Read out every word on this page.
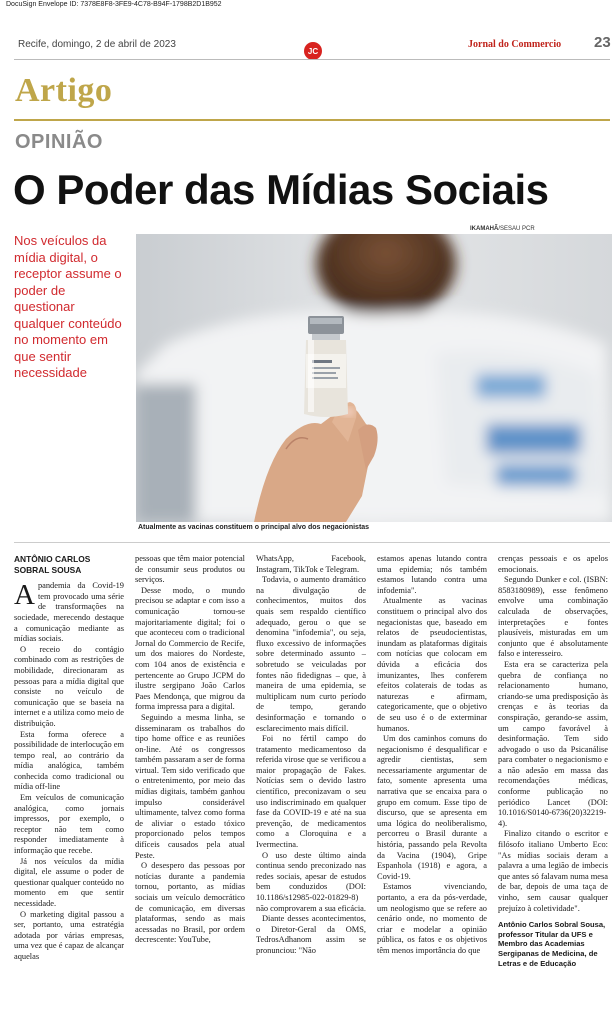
DocuSign Envelope ID: 7378E8F8-3FE9-4C78-B94F-1798B2D1B952
Recife, domingo, 2 de abril de 2023
JC
Jornal do Commercio 23
Artigo
OPINIÃO
O Poder das Mídias Sociais
IKAMAHÃ/SESAU PCR
Nos veículos da mídia digital, o receptor assume o poder de questionar qualquer conteúdo no momento em que sentir necessidade
Atualmente as vacinas constituem o principal alvo dos negacionistas
ANTÔNIO CARLOS SOBRAL SOUSA

Apandemia da Covid-19 tem provocado uma série de transformações na sociedade, merecendo destaque a comunicação mediante as mídias sociais.

O receio do contágio combinado com as restrições de mobilidade, direcionaram as pessoas para a mídia digital que consiste no veículo de comunicação que se baseia na internet e a utiliza como meio de distribuição.

Esta forma oferece a possibilidade de interlocução em tempo real, ao contrário da mídia analógica, também conhecida como tradicional ou mídia off-line

Em veículos de comunicação analógica, como jornais impressos, por exemplo, o receptor não tem como responder imediatamente à informação que recebe.

Já nos veículos da mídia digital, ele assume o poder de questionar qualquer conteúdo no momento em que sentir necessidade.

O marketing digital passou a ser, portanto, uma estratégia adotada por várias empresas, uma vez que é capaz de alcançar aquelas

pessoas que têm maior potencial de consumir seus produtos ou serviços.

Desse modo, o mundo precisou se adaptar e com isso a comunicação tornou-se majoritariamente digital; foi o que aconteceu com o tradicional Jornal do Commercio de Recife, um dos maiores do Nordeste, com 104 anos de existência e pertencente ao Grupo JCPM do ilustre sergipano João Carlos Paes Mendonça, que migrou da forma impressa para a digital.

Seguindo a mesma linha, se disseminaram os trabalhos do tipo home office e as reuniões on-line. Até os congressos também passaram a ser de forma virtual. Tem sido verificado que o entretenimento, por meio das mídias digitais, também ganhou impulso considerável ultimamente, talvez como forma de aliviar o estado tóxico proporcionado pelos tempos difíceis causados pela atual Peste.

O desespero das pessoas por notícias durante a pandemia tornou, portanto, as mídias sociais um veículo democrático de comunicação, em diversas plataformas, sendo as mais acessadas no Brasil, por ordem decrescente: YouTube,

WhatsApp, Facebook, Instagram, TikTok e Telegram.

Todavia, o aumento dramático na divulgação de conhecimentos, muitos dos quais sem respaldo científico adequado, gerou o que se denomina "infodemia", ou seja, fluxo excessivo de informações sobre determinado assunto – sobretudo se veiculadas por fontes não fidedignas – que, à maneira de uma epidemia, se multiplicam num curto período de tempo, gerando desinformação e tornando o esclarecimento mais difícil.

Foi no fértil campo do tratamento medicamentoso da referida virose que se verificou a maior propagação de Fakes. Notícias sem o devido lastro científico, preconizavam o seu uso indiscriminado em qualquer fase da COVID-19 e até na sua prevenção, de medicamentos como a Cloroquina e a Ivermectina.

O uso deste último ainda continua sendo preconizado nas redes sociais, apesar de estudos bem conduzidos (DOI: 10.1186/s12985-022-01829-8) não comprovarem a sua eficácia.

Diante desses acontecimentos, o Diretor-Geral da OMS, TedrosAdhanom assim se pronunciou: "Não

estamos apenas lutando contra uma epidemia; nós também estamos lutando contra uma infodemia".

Atualmente as vacinas constituem o principal alvo dos negacionistas que, baseado em relatos de pseudocientistas, inundam as plataformas digitais com notícias que colocam em dúvida a eficácia dos imunizantes, lhes conferem efeitos colaterais de todas as naturezas e afirmam, categoricamente, que o objetivo de seu uso é o de exterminar humanos.

Um dos caminhos comuns do negacionismo é desqualificar e agredir cientistas, sem necessariamente argumentar de fato, somente apresenta uma narrativa que se encaixa para o grupo em comum. Esse tipo de discurso, que se apresenta em uma lógica do neoliberalismo, percorreu o Brasil durante a história, passando pela Revolta da Vacina (1904), Gripe Espanhola (1918) e agora, a Covid-19.

Estamos vivenciando, portanto, a era da pós-verdade, um neologismo que se refere ao cenário onde, no momento de criar e modelar a opinião pública, os fatos e os objetivos têm menos importância do que

crenças pessoais e os apelos emocionais.

Segundo Dunker e col. (ISBN: 8583180989), esse fenômeno envolve uma combinação calculada de observações, interpretações e fontes plausíveis, misturadas em um conjunto que é absolutamente falso e interesseiro.

Esta era se caracteriza pela quebra de confiança no relacionamento humano, criando-se uma predisposição às crenças e às teorias da conspiração, gerando-se assim, um campo favorável à desinformação. Tem sido advogado o uso da Psicanálise para combater o negacionismo e a não adesão em massa das recomendações médicas, conforme publicação no periódico Lancet (DOI: 10.1016/S0140-6736(20)32219-4).

Finalizo citando o escritor e filósofo italiano Umberto Eco: "As mídias sociais deram a palavra a uma legião de imbecis que antes só falavam numa mesa de bar, depois de uma taça de vinho, sem causar qualquer prejuízo à coletividade".

Antônio Carlos Sobral Sousa, professor Titular da UFS e Membro das Academias Sergipanas de Medicina, de Letras e de Educação
